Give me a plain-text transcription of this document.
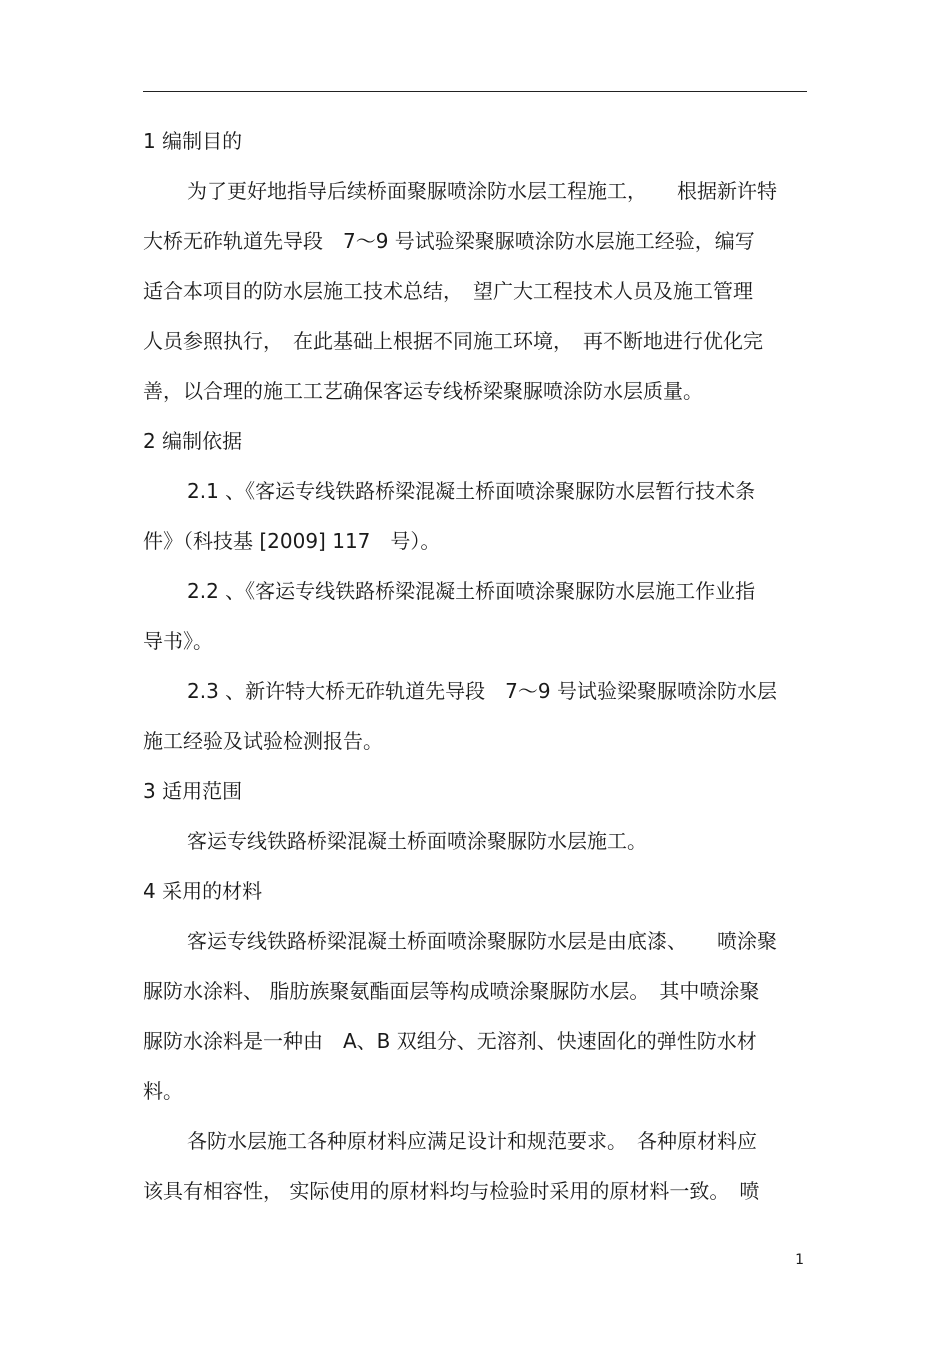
1 编制目的
为了更好地指导后续桥面聚脲喷涂防水层工程施工，　　根据新许特
大桥无砟轨道先导段　7～9 号试验梁聚脲喷涂防水层施工经验，编写
适合本项目的防水层施工技术总结，　望广大工程技术人员及施工管理
人员参照执行，　在此基础上根据不同施工环境，　再不断地进行优化完
善，以合理的施工工艺确保客运专线桥梁聚脲喷涂防水层质量。
2 编制依据
2.1 、《客运专线铁路桥梁混凝土桥面喷涂聚脲防水层暂行技术条
件》（科技基 [2009] 117　号）。
2.2 、《客运专线铁路桥梁混凝土桥面喷涂聚脲防水层施工作业指
导书》。
2.3 、新许特大桥无砟轨道先导段　7～9 号试验梁聚脲喷涂防水层
施工经验及试验检测报告。
3 适用范围
客运专线铁路桥梁混凝土桥面喷涂聚脲防水层施工。
4 采用的材料
客运专线铁路桥梁混凝土桥面喷涂聚脲防水层是由底漆、　　喷涂聚
脲防水涂料、 脂肪族聚氨酯面层等构成喷涂聚脲防水层。　其中喷涂聚
脲防水涂料是一种由　A、B 双组分、无溶剂、快速固化的弹性防水材
料。
各防水层施工各种原材料应满足设计和规范要求。　各种原材料应
该具有相容性， 实际使用的原材料均与检验时采用的原材料一致。　喷
1
